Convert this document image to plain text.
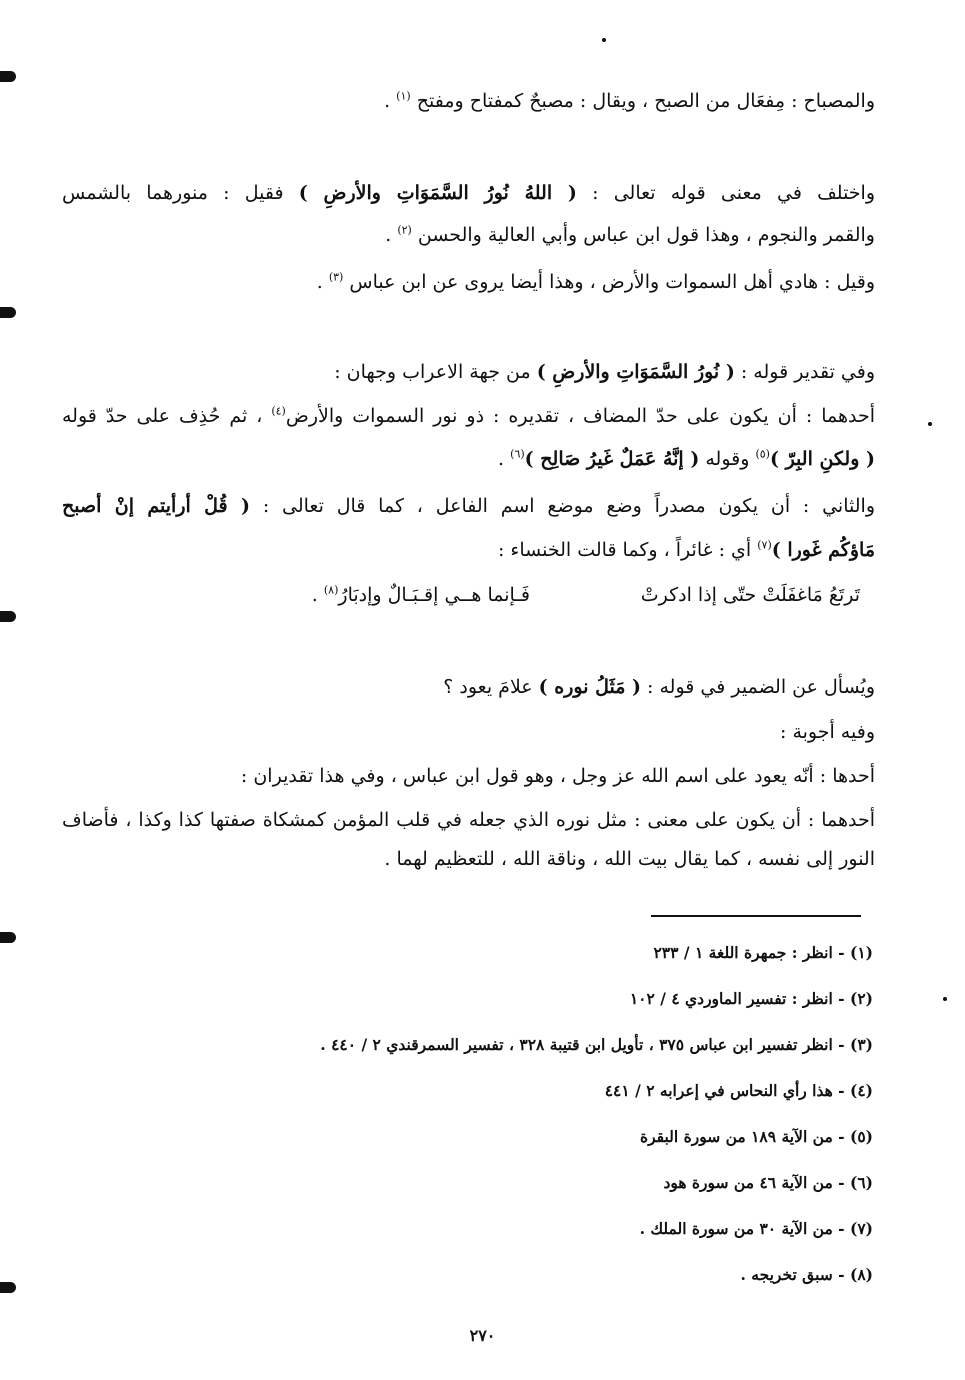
والمصباح : مِفعَال من الصبح ، ويقال : مصبحٌ كمفتاح ومفتح $^{(١)}$ .
واختلف في معنى قوله تعالى : ( اللهُ نُورُ السَّمَوَاتِ والأرضِ ) فقيل : منورهما بالشمس
والقمر والنجوم ، وهذا قول ابن عباس وأبي العالية والحسن $^{(٢)}$ .
وقيل : هادي أهل السموات والأرض ، وهذا أيضا يروى عن ابن عباس $^{(٣)}$ .
وفي تقدير قوله : ( نُورُ السَّمَوَاتِ والأرضِ ) من جهة الاعراب وجهان :
أحدهما : أن يكون على حدّ المضاف ، تقديره : ذو نور السموات والأرض$^{(٤)}$ ، ثم حُذِف على حدّ قوله
( ولكنِ البِرّ )$^{(٥)}$ وقوله ( إنَّهُ عَمَلٌ غَيرُ صَالِح )$^{(٦)}$ .
والثاني : أن يكون مصدراً وضع موضع اسم الفاعل ، كما قال تعالى : ( قُلْ أرأيتم إنْ أصبح
مَاؤكُم غَورا )$^{(٧)}$ أي : غائراً ، وكما قالت الخنساء :
تَرتَعُ مَاغفَلَتْ حتّى إذا ادكرتْ
فَـإنما هــي إقـبَـالٌ وإدبَارُ$^{(٨)}$ .
ويُسأل عن الضمير في قوله : ( مَثَلُ نوره ) علامَ يعود ؟
وفيه أجوبة :
أحدها : أنّه يعود على اسم الله عز وجل ، وهو قول ابن عباس ، وفي هذا تقديران :
أحدهما : أن يكون على معنى : مثل نوره الذي جعله في قلب المؤمن كمشكاة صفتها كذا وكذا ، فأضاف
النور إلى نفسه ، كما يقال بيت الله ، وناقة الله ، للتعظيم لهما .
(١) - انظر : جمهرة اللغة ١ / ٢٣٣
(٢) - انظر : تفسير الماوردي ٤ / ١٠٢
(٣) - انظر تفسير ابن عباس ٣٧٥ ، تأويل ابن قتيبة ٣٢٨ ، تفسير السمرقندي ٢ / ٤٤٠ .
(٤) - هذا رأي النحاس في إعرابه ٢ / ٤٤١
(٥) - من الآية ١٨٩ من سورة البقرة
(٦) - من الآية ٤٦ من سورة هود
(٧) - من الآية ٣٠ من سورة الملك .
(٨) - سبق تخريجه .
٢٧٠
